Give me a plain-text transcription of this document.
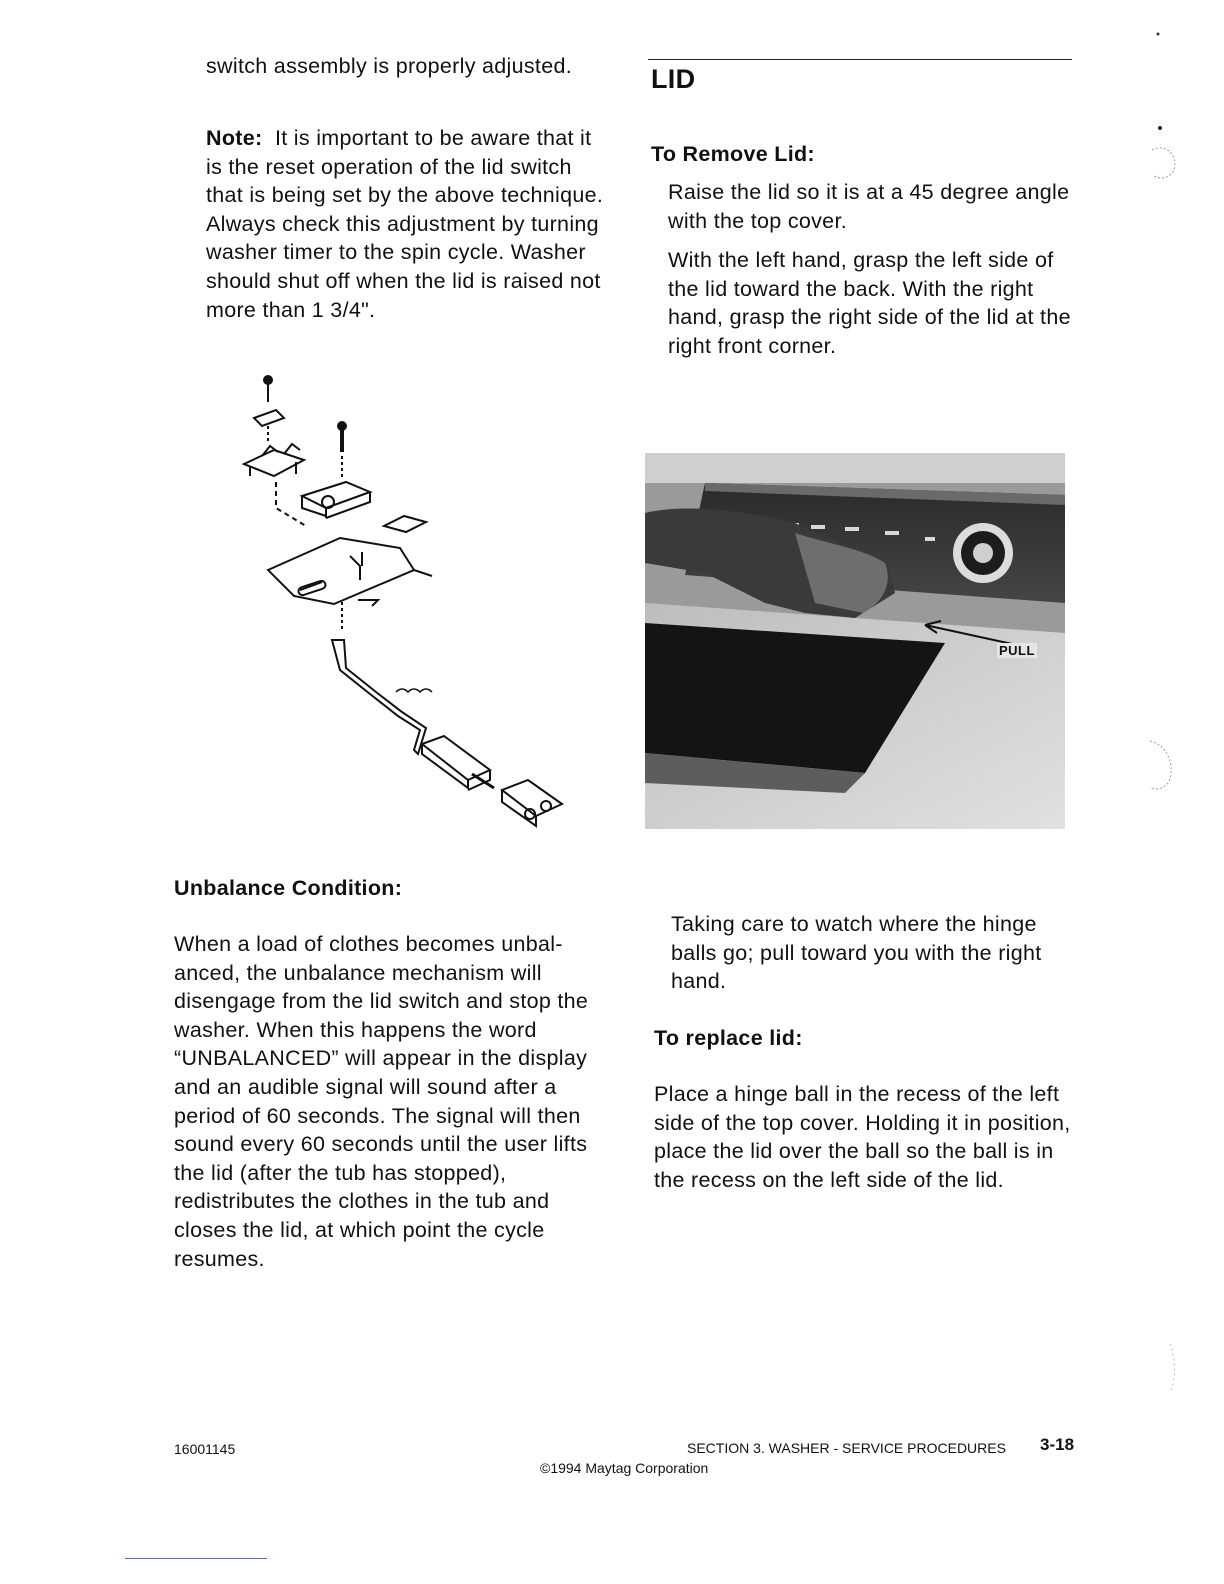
switch assembly is properly adjusted.

Note: It is important to be aware that it is the reset operation of the lid switch that is being set by the above technique. Always check this adjustment by turning washer timer to the spin cycle. Washer should shut off when the lid is raised not more than 1 3/4".

Unbalance Condition:

When a load of clothes becomes unbal-anced, the unbalance mechanism will disengage from the lid switch and stop the washer. When this happens the word “UNBALANCED” will appear in the display and an audible signal will sound after a period of 60 seconds. The signal will then sound every 60 seconds until the user lifts the lid (after the tub has stopped), redistributes the clothes in the tub and closes the lid, at which point the cycle resumes.

LID

To Remove Lid:

Raise the lid so it is at a 45 degree angle with the top cover.

With the left hand, grasp the left side of the lid toward the back. With the right hand, grasp the right side of the lid at the right front corner.

PULL

Taking care to watch where the hinge balls go; pull toward you with the right hand.

To replace lid:

Place a hinge ball in the recess of the left side of the top cover. Holding it in position, place the lid over the ball so the ball is in the recess on the left side of the lid.

16001145	SECTION 3. WASHER - SERVICE PROCEDURES 3-18
©1994 Maytag Corporation
